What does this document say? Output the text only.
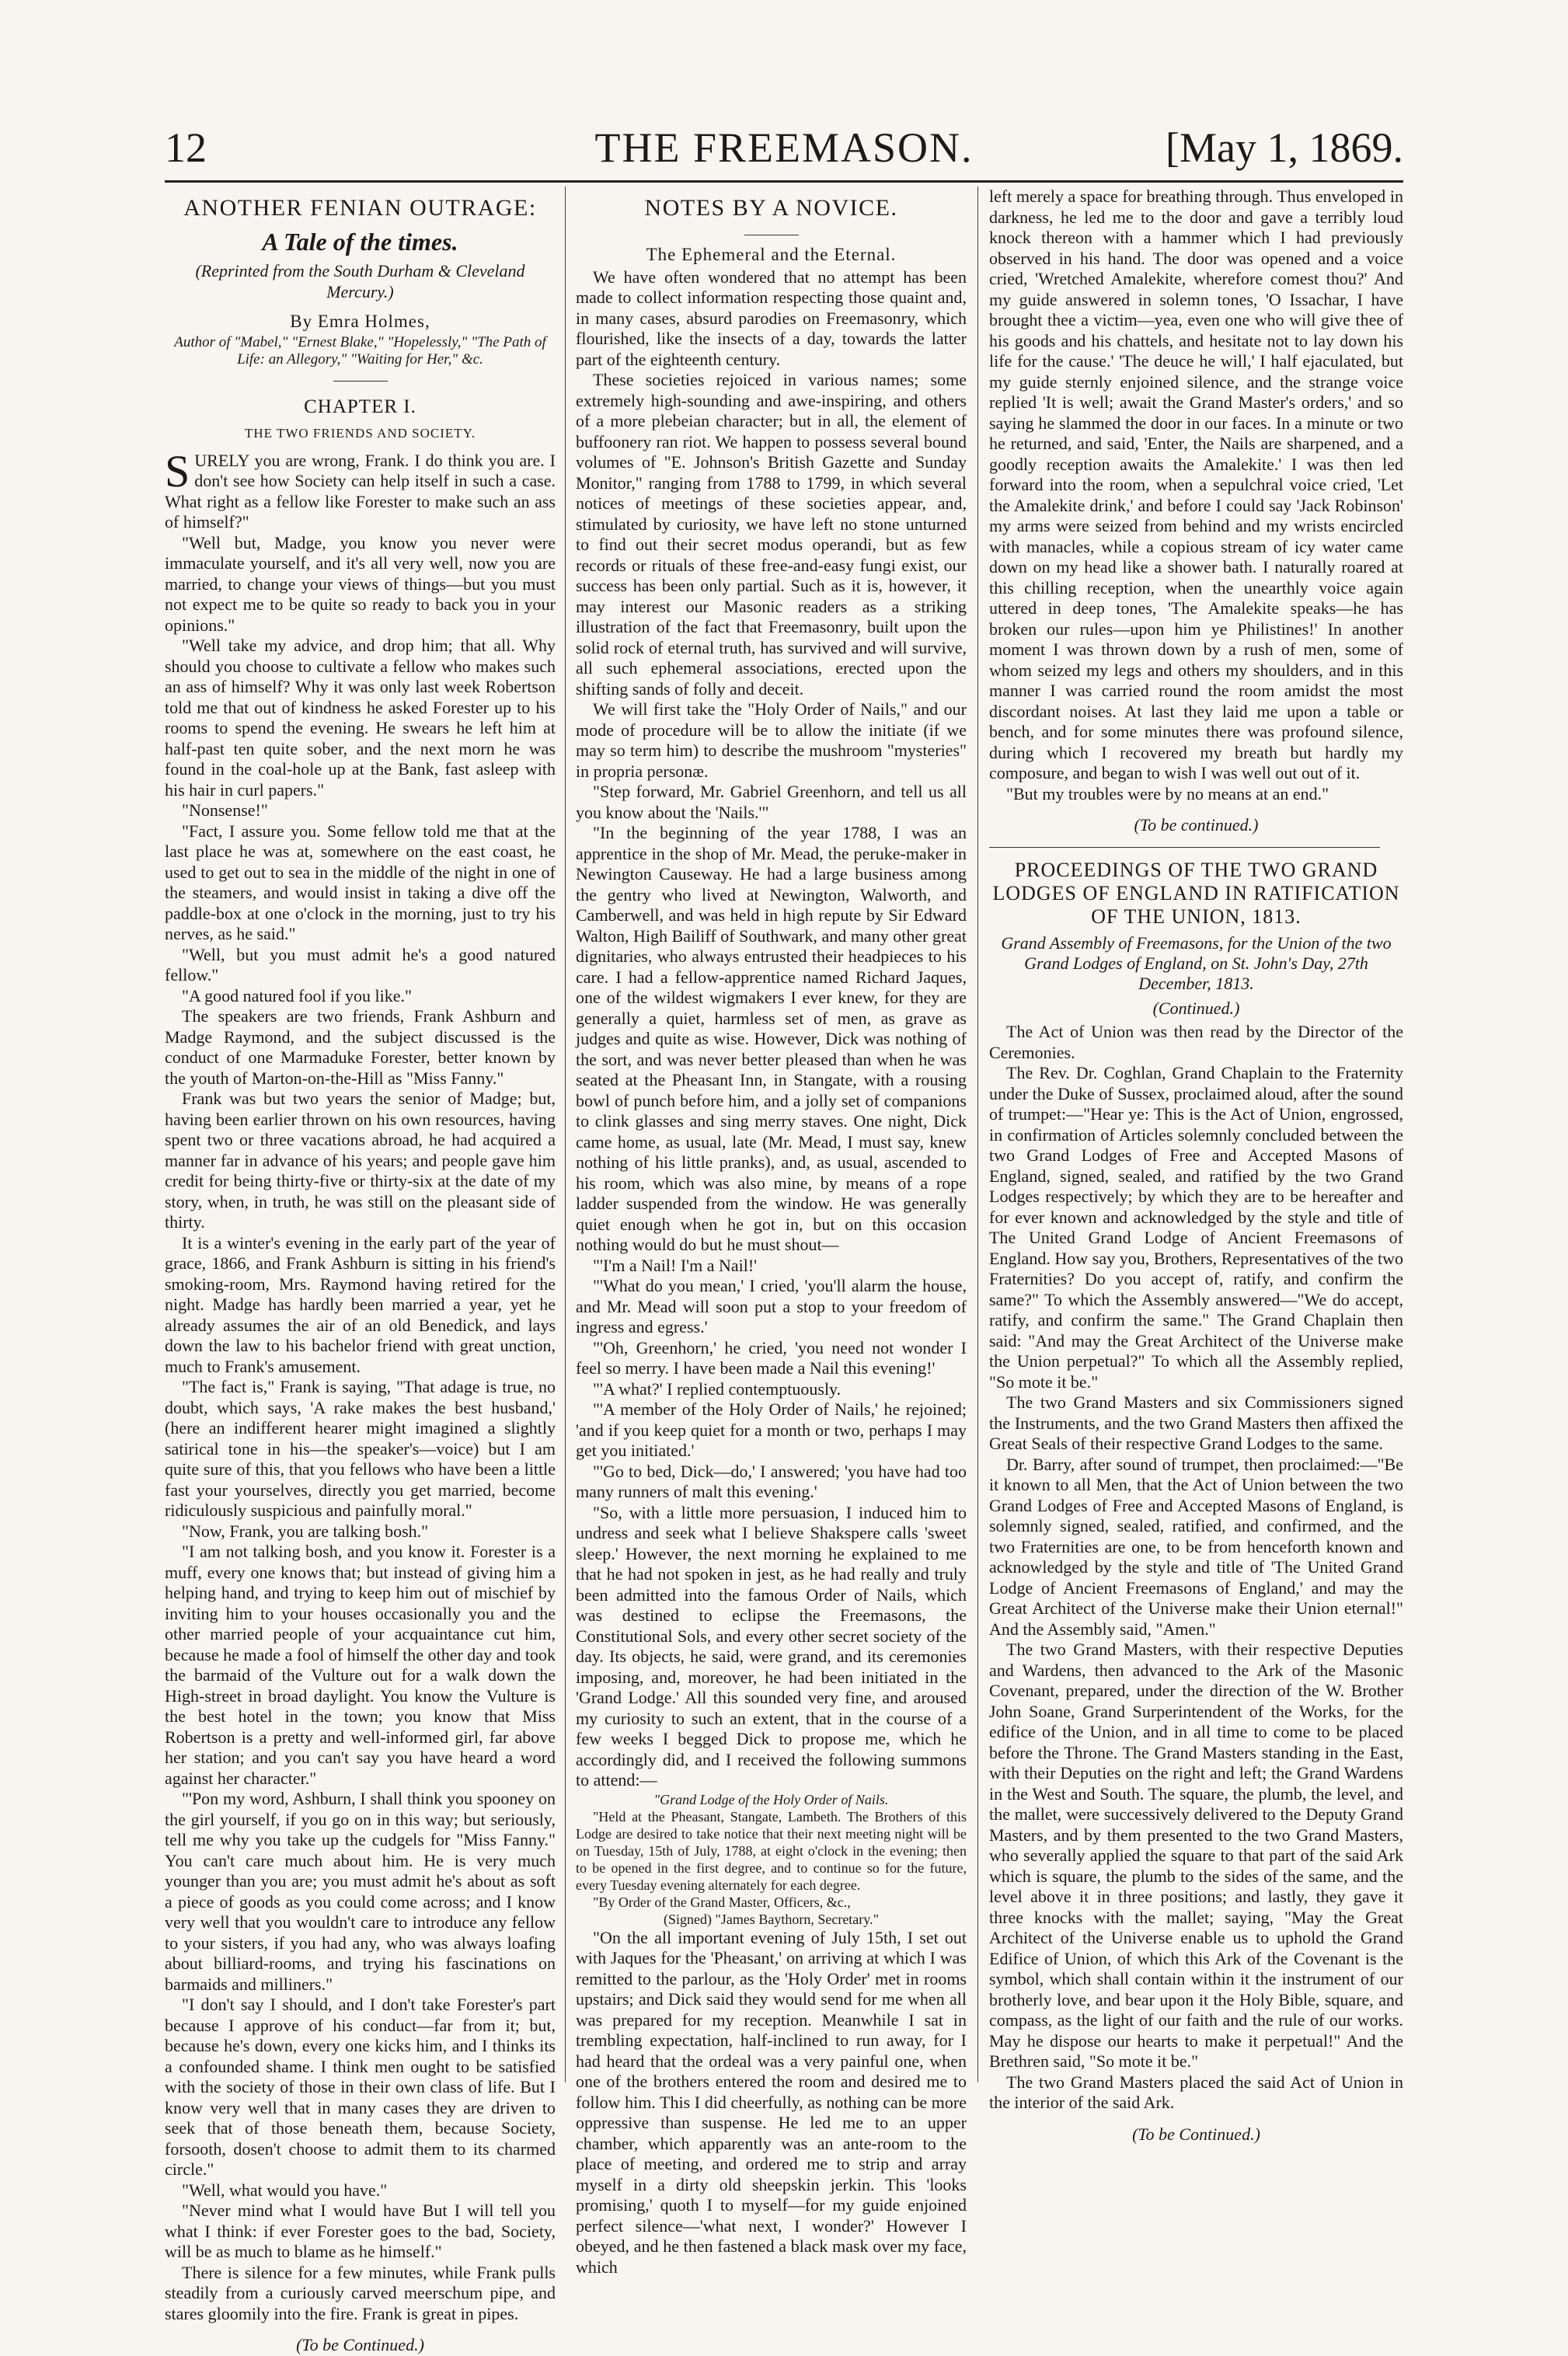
12	THE FREEMASON.	[May 1, 1869.
ANOTHER FENIAN OUTRAGE:
A Tale of the times.
(Reprinted from the South Durham & Cleveland Mercury.)
By Emra Holmes,
Author of "Mabel," "Ernest Blake," "Hopelessly," "The Path of Life: an Allegory," "Waiting for Her," &c.
CHAPTER I.
THE TWO FRIENDS AND SOCIETY.

SURELY you are wrong, Frank. I do think you are. I don't see how Society can help itself in such a case. What right as a fellow like Forester to make such an ass of himself?"

"Well but, Madge, you know you never were immaculate yourself, and it's all very well, now you are married, to change your views of things—but you must not expect me to be quite so ready to back you in your opinions."

"Well take my advice, and drop him; that all. Why should you choose to cultivate a fellow who makes such an ass of himself? Why it was only last week Robertson told me that out of kindness he asked Forester up to his rooms to spend the evening. He swears he left him at half-past ten quite sober, and the next morn he was found in the coal-hole up at the Bank, fast asleep with his hair in curl papers."

"Nonsense!"

"Fact, I assure you. Some fellow told me that at the last place he was at, somewhere on the east coast, he used to get out to sea in the middle of the night in one of the steamers, and would insist in taking a dive off the paddle-box at one o'clock in the morning, just to try his nerves, as he said."

"Well, but you must admit he's a good natured fellow."

"A good natured fool if you like."

The speakers are two friends, Frank Ashburn and Madge Raymond, and the subject discussed is the conduct of one Marmaduke Forester, better known by the youth of Marton-on-the-Hill as "Miss Fanny."

Frank was but two years the senior of Madge; but, having been earlier thrown on his own resources, having spent two or three vacations abroad, he had acquired a manner far in advance of his years; and people gave him credit for being thirty-five or thirty-six at the date of my story, when, in truth, he was still on the pleasant side of thirty.

It is a winter's evening in the early part of the year of grace, 1866, and Frank Ashburn is sitting in his friend's smoking-room, Mrs. Raymond having retired for the night. Madge has hardly been married a year, yet he already assumes the air of an old Benedick, and lays down the law to his bachelor friend with great unction, much to Frank's amusement.

"The fact is," Frank is saying, "That adage is true, no doubt, which says, 'A rake makes the best husband,' (here an indifferent hearer might imagined a slightly satirical tone in his—the speaker's—voice) but I am quite sure of this, that you fellows who have been a little fast your yourselves, directly you get married, become ridiculously suspicious and painfully moral."

"Now, Frank, you are talking bosh."

"I am not talking bosh, and you know it. Forester is a muff, every one knows that; but instead of giving him a helping hand, and trying to keep him out of mischief by inviting him to your houses occasionally you and the other married people of your acquaintance cut him, because he made a fool of himself the other day and took the barmaid of the Vulture out for a walk down the High-street in broad daylight. You know the Vulture is the best hotel in the town; you know that Miss Robertson is a pretty and well-informed girl, far above her station; and you can't say you have heard a word against her character."

"'Pon my word, Ashburn, I shall think you spooney on the girl yourself, if you go on in this way; but seriously, tell me why you take up the cudgels for "Miss Fanny." You can't care much about him. He is very much younger than you are; you must admit he's about as soft a piece of goods as you could come across; and I know very well that you wouldn't care to introduce any fellow to your sisters, if you had any, who was always loafing about billiard-rooms, and trying his fascinations on barmaids and milliners."

"I don't say I should, and I don't take Forester's part because I approve of his conduct—far from it; but, because he's down, every one kicks him, and I thinks its a confounded shame. I think men ought to be satisfied with the society of those in their own class of life. But I know very well that in many cases they are driven to seek that of those beneath them, because Society, forsooth, dosen't choose to admit them to its charmed circle."

"Well, what would you have."

"Never mind what I would have But I will tell you what I think: if ever Forester goes to the bad, Society, will be as much to blame as he himself."

There is silence for a few minutes, while Frank pulls steadily from a curiously carved meerschum pipe, and stares gloomily into the fire. Frank is great in pipes.

(To be Continued.)
NOTES BY A NOVICE.
The Ephemeral and the Eternal.

We have often wondered that no attempt has been made to collect information respecting those quaint and, in many cases, absurd parodies on Freemasonry, which flourished, like the insects of a day, towards the latter part of the eighteenth century.

These societies rejoiced in various names; some extremely high-sounding and awe-inspiring, and others of a more plebeian character; but in all, the element of buffoonery ran riot. We happen to possess several bound volumes of "E. Johnson's British Gazette and Sunday Monitor," ranging from 1788 to 1799, in which several notices of meetings of these societies appear, and, stimulated by curiosity, we have left no stone unturned to find out their secret modus operandi, but as few records or rituals of these free-and-easy fungi exist, our success has been only partial. Such as it is, however, it may interest our Masonic readers as a striking illustration of the fact that Freemasonry, built upon the solid rock of eternal truth, has survived and will survive, all such ephemeral associations, erected upon the shifting sands of folly and deceit.

We will first take the "Holy Order of Nails," and our mode of procedure will be to allow the initiate (if we may so term him) to describe the mushroom "mysteries" in propria personæ.

"Step forward, Mr. Gabriel Greenhorn, and tell us all you know about the 'Nails.'"

"In the beginning of the year 1788, I was an apprentice in the shop of Mr. Mead, the peruke-maker in Newington Causeway. He had a large business among the gentry who lived at Newington, Walworth, and Camberwell, and was held in high repute by Sir Edward Walton, High Bailiff of Southwark, and many other great dignitaries, who always entrusted their headpieces to his care. I had a fellow-apprentice named Richard Jaques, one of the wildest wigmakers I ever knew, for they are generally a quiet, harmless set of men, as grave as judges and quite as wise. However, Dick was nothing of the sort, and was never better pleased than when he was seated at the Pheasant Inn, in Stangate, with a rousing bowl of punch before him, and a jolly set of companions to clink glasses and sing merry staves. One night, Dick came home, as usual, late (Mr. Mead, I must say, knew nothing of his little pranks), and, as usual, ascended to his room, which was also mine, by means of a rope ladder suspended from the window. He was generally quiet enough when he got in, but on this occasion nothing would do but he must shout—

"'I'm a Nail! I'm a Nail!'

"'What do you mean,' I cried, 'you'll alarm the house, and Mr. Mead will soon put a stop to your freedom of ingress and egress.'

"'Oh, Greenhorn,' he cried, 'you need not wonder I feel so merry. I have been made a Nail this evening!'

"'A what?' I replied contemptuously.

"'A member of the Holy Order of Nails,' he rejoined; 'and if you keep quiet for a month or two, perhaps I may get you initiated.'

"'Go to bed, Dick—do,' I answered; 'you have had too many runners of malt this evening.'

"So, with a little more persuasion, I induced him to undress and seek what I believe Shakspere calls 'sweet sleep.' However, the next morning he explained to me that he had not spoken in jest, as he had really and truly been admitted into the famous Order of Nails, which was destined to eclipse the Freemasons, the Constitutional Sols, and every other secret society of the day. Its objects, he said, were grand, and its ceremonies imposing, and, moreover, he had been initiated in the 'Grand Lodge.' All this sounded very fine, and aroused my curiosity to such an extent, that in the course of a few weeks I begged Dick to propose me, which he accordingly did, and I received the following summons to attend:—

"Grand Lodge of the Holy Order of Nails.

"Held at the Pheasant, Stangate, Lambeth. The Brothers of this Lodge are desired to take notice that their next meeting night will be on Tuesday, 15th of July, 1788, at eight o'clock in the evening; then to be opened in the first degree, and to continue so for the future, every Tuesday evening alternately for each degree.

"By Order of the Grand Master, Officers, &c.,

(Signed) "James Baythorn, Secretary."

"On the all important evening of July 15th, I set out with Jaques for the 'Pheasant,' on arriving at which I was remitted to the parlour, as the 'Holy Order' met in rooms upstairs; and Dick said they would send for me when all was prepared for my reception. Meanwhile I sat in trembling expectation, half-inclined to run away, for I had heard that the ordeal was a very painful one, when one of the brothers entered the room and desired me to follow him. This I did cheerfully, as nothing can be more oppressive than suspense. He led me to an upper chamber, which apparently was an ante-room to the place of meeting, and ordered me to strip and array myself in a dirty old sheepskin jerkin. This 'looks promising,' quoth I to myself—for my guide enjoined perfect silence—'what next, I wonder?' However I obeyed, and he then fastened a black mask over my face, which

left merely a space for breathing through. Thus enveloped in darkness, he led me to the door and gave a terribly loud knock thereon with a hammer which I had previously observed in his hand. The door was opened and a voice cried, 'Wretched Amalekite, wherefore comest thou?' And my guide answered in solemn tones, 'O Issachar, I have brought thee a victim—yea, even one who will give thee of his goods and his chattels, and hesitate not to lay down his life for the cause.' 'The deuce he will,' I half ejaculated, but my guide sternly enjoined silence, and the strange voice replied 'It is well; await the Grand Master's orders,' and so saying he slammed the door in our faces. In a minute or two he returned, and said, 'Enter, the Nails are sharpened, and a goodly reception awaits the Amalekite.' I was then led forward into the room, when a sepulchral voice cried, 'Let the Amalekite drink,' and before I could say 'Jack Robinson' my arms were seized from behind and my wrists encircled with manacles, while a copious stream of icy water came down on my head like a shower bath. I naturally roared at this chilling reception, when the unearthly voice again uttered in deep tones, 'The Amalekite speaks—he has broken our rules—upon him ye Philistines!' In another moment I was thrown down by a rush of men, some of whom seized my legs and others my shoulders, and in this manner I was carried round the room amidst the most discordant noises. At last they laid me upon a table or bench, and for some minutes there was profound silence, during which I recovered my breath but hardly my composure, and began to wish I was well out out of it.

"But my troubles were by no means at an end."

(To be continued.)
PROCEEDINGS OF THE TWO GRAND LODGES OF ENGLAND IN RATIFICATION OF THE UNION, 1813.
Grand Assembly of Freemasons, for the Union of the two Grand Lodges of England, on St. John's Day, 27th December, 1813.
(Continued.)

The Act of Union was then read by the Director of the Ceremonies.

The Rev. Dr. Coghlan, Grand Chaplain to the Fraternity under the Duke of Sussex, proclaimed aloud, after the sound of trumpet:—"Hear ye: This is the Act of Union, engrossed, in confirmation of Articles solemnly concluded between the two Grand Lodges of Free and Accepted Masons of England, signed, sealed, and ratified by the two Grand Lodges respectively; by which they are to be hereafter and for ever known and acknowledged by the style and title of The United Grand Lodge of Ancient Freemasons of England. How say you, Brothers, Representatives of the two Fraternities? Do you accept of, ratify, and confirm the same?" To which the Assembly answered—"We do accept, ratify, and confirm the same." The Grand Chaplain then said: "And may the Great Architect of the Universe make the Union perpetual?" To which all the Assembly replied, "So mote it be."

The two Grand Masters and six Commissioners signed the Instruments, and the two Grand Masters then affixed the Great Seals of their respective Grand Lodges to the same.

Dr. Barry, after sound of trumpet, then proclaimed:—"Be it known to all Men, that the Act of Union between the two Grand Lodges of Free and Accepted Masons of England, is solemnly signed, sealed, ratified, and confirmed, and the two Fraternities are one, to be from henceforth known and acknowledged by the style and title of 'The United Grand Lodge of Ancient Freemasons of England,' and may the Great Architect of the Universe make their Union eternal!" And the Assembly said, "Amen."

The two Grand Masters, with their respective Deputies and Wardens, then advanced to the Ark of the Masonic Covenant, prepared, under the direction of the W. Brother John Soane, Grand Surperintendent of the Works, for the edifice of the Union, and in all time to come to be placed before the Throne. The Grand Masters standing in the East, with their Deputies on the right and left; the Grand Wardens in the West and South. The square, the plumb, the level, and the mallet, were successively delivered to the Deputy Grand Masters, and by them presented to the two Grand Masters, who severally applied the square to that part of the said Ark which is square, the plumb to the sides of the same, and the level above it in three positions; and lastly, they gave it three knocks with the mallet; saying, "May the Great Architect of the Universe enable us to uphold the Grand Edifice of Union, of which this Ark of the Covenant is the symbol, which shall contain within it the instrument of our brotherly love, and bear upon it the Holy Bible, square, and compass, as the light of our faith and the rule of our works. May he dispose our hearts to make it perpetual!" And the Brethren said, "So mote it be."

The two Grand Masters placed the said Act of Union in the interior of the said Ark.

(To be Continued.)
